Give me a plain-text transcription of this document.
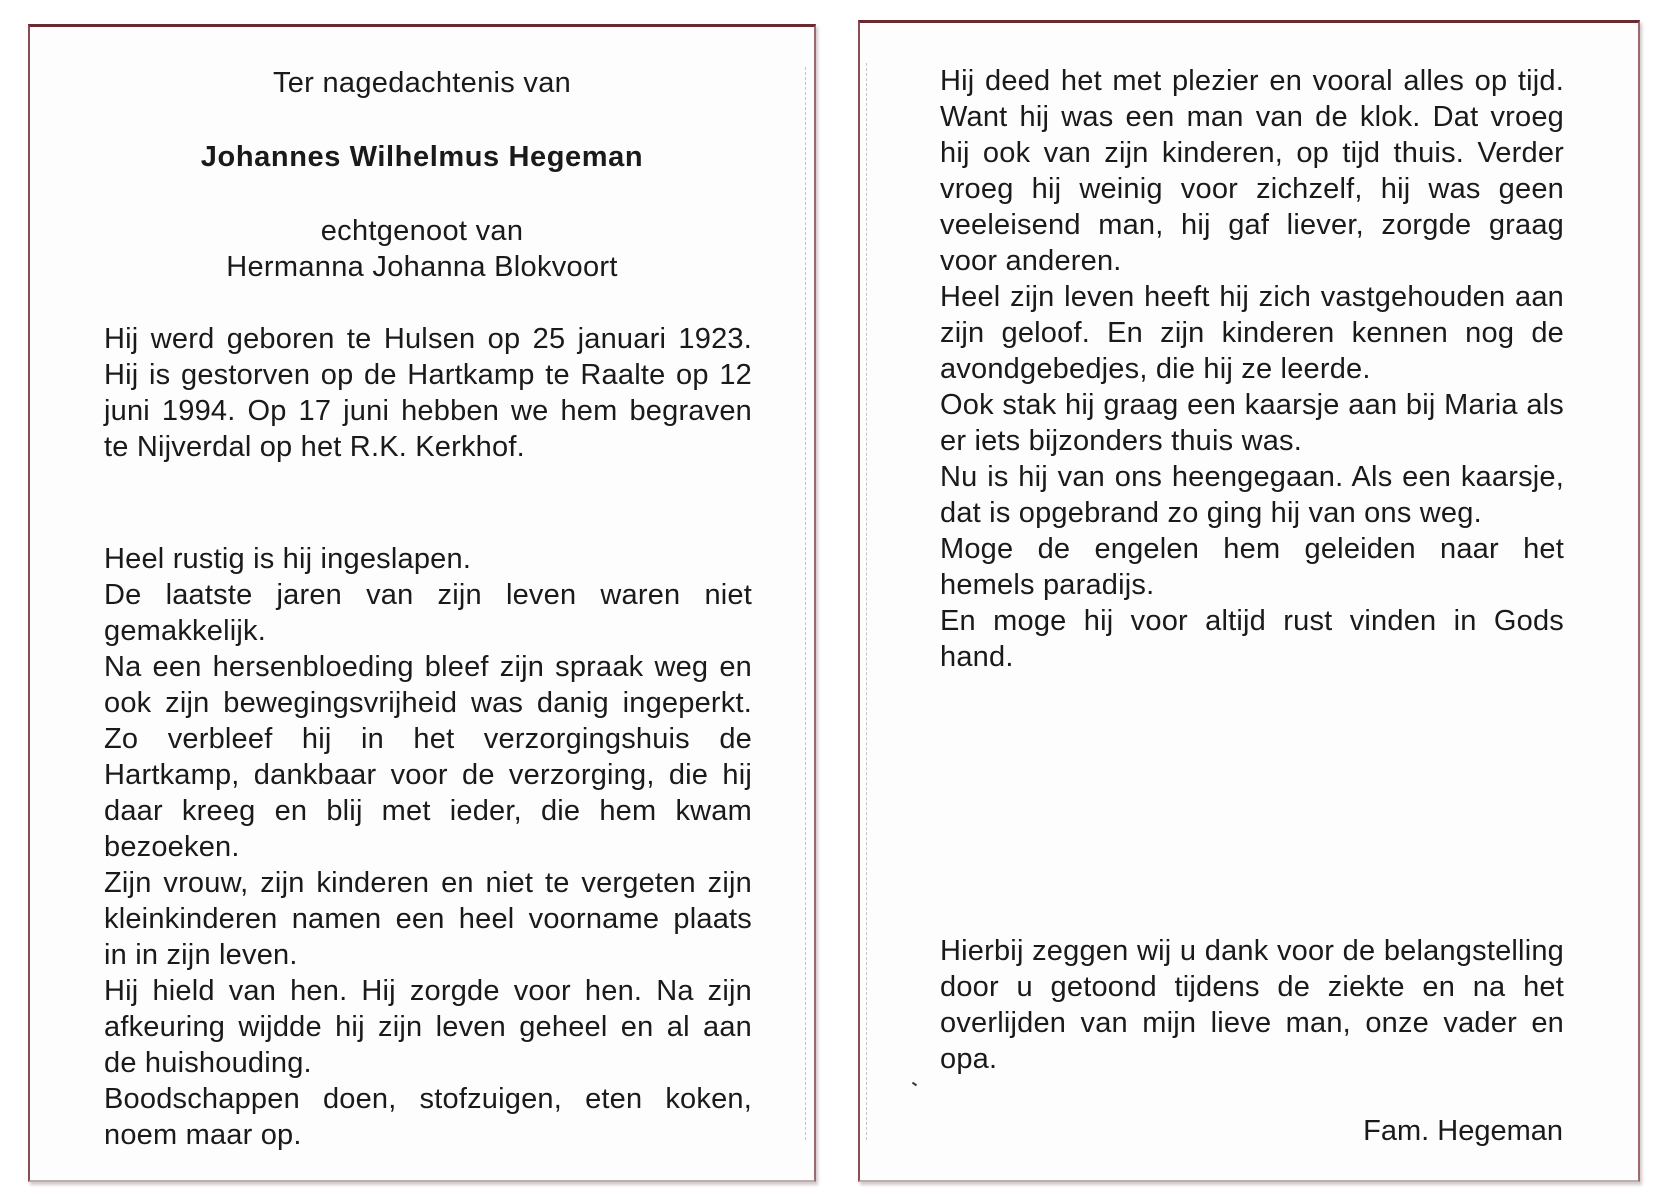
Ter nagedachtenis van
Johannes Wilhelmus Hegeman
echtgenoot van
Hermanna Johanna Blokvoort

Hij werd geboren te Hulsen op 25 januari 1923. Hij is gestorven op de Hartkamp te Raalte op 12 juni 1994. Op 17 juni hebben we hem begraven te Nijverdal op het R.K. Kerkhof.

Heel rustig is hij ingeslapen.

De laatste jaren van zijn leven waren niet gemakkelijk.

Na een hersenbloeding bleef zijn spraak weg en ook zijn bewegingsvrijheid was danig ingeperkt. Zo verbleef hij in het verzorgingshuis de Hartkamp, dankbaar voor de verzorging, die hij daar kreeg en blij met ieder, die hem kwam bezoeken.

Zijn vrouw, zijn kinderen en niet te vergeten zijn kleinkinderen namen een heel voorname plaats in in zijn leven.

Hij hield van hen. Hij zorgde voor hen. Na zijn afkeuring wijdde hij zijn leven geheel en al aan de huishouding.

Boodschappen doen, stofzuigen, eten koken, noem maar op.

Hij deed het met plezier en vooral alles op tijd. Want hij was een man van de klok. Dat vroeg hij ook van zijn kinderen, op tijd thuis. Verder vroeg hij weinig voor zichzelf, hij was geen veeleisend man, hij gaf liever, zorgde graag voor anderen.

Heel zijn leven heeft hij zich vastgehouden aan zijn geloof. En zijn kinderen kennen nog de avondgebedjes, die hij ze leerde.

Ook stak hij graag een kaarsje aan bij Maria als er iets bijzonders thuis was.

Nu is hij van ons heengegaan. Als een kaarsje, dat is opgebrand zo ging hij van ons weg.

Moge de engelen hem geleiden naar het hemels paradijs.

En moge hij voor altijd rust vinden in Gods hand.

Hierbij zeggen wij u dank voor de belangstelling door u getoond tijdens de ziekte en na het overlijden van mijn lieve man, onze vader en opa.

Fam. Hegeman
